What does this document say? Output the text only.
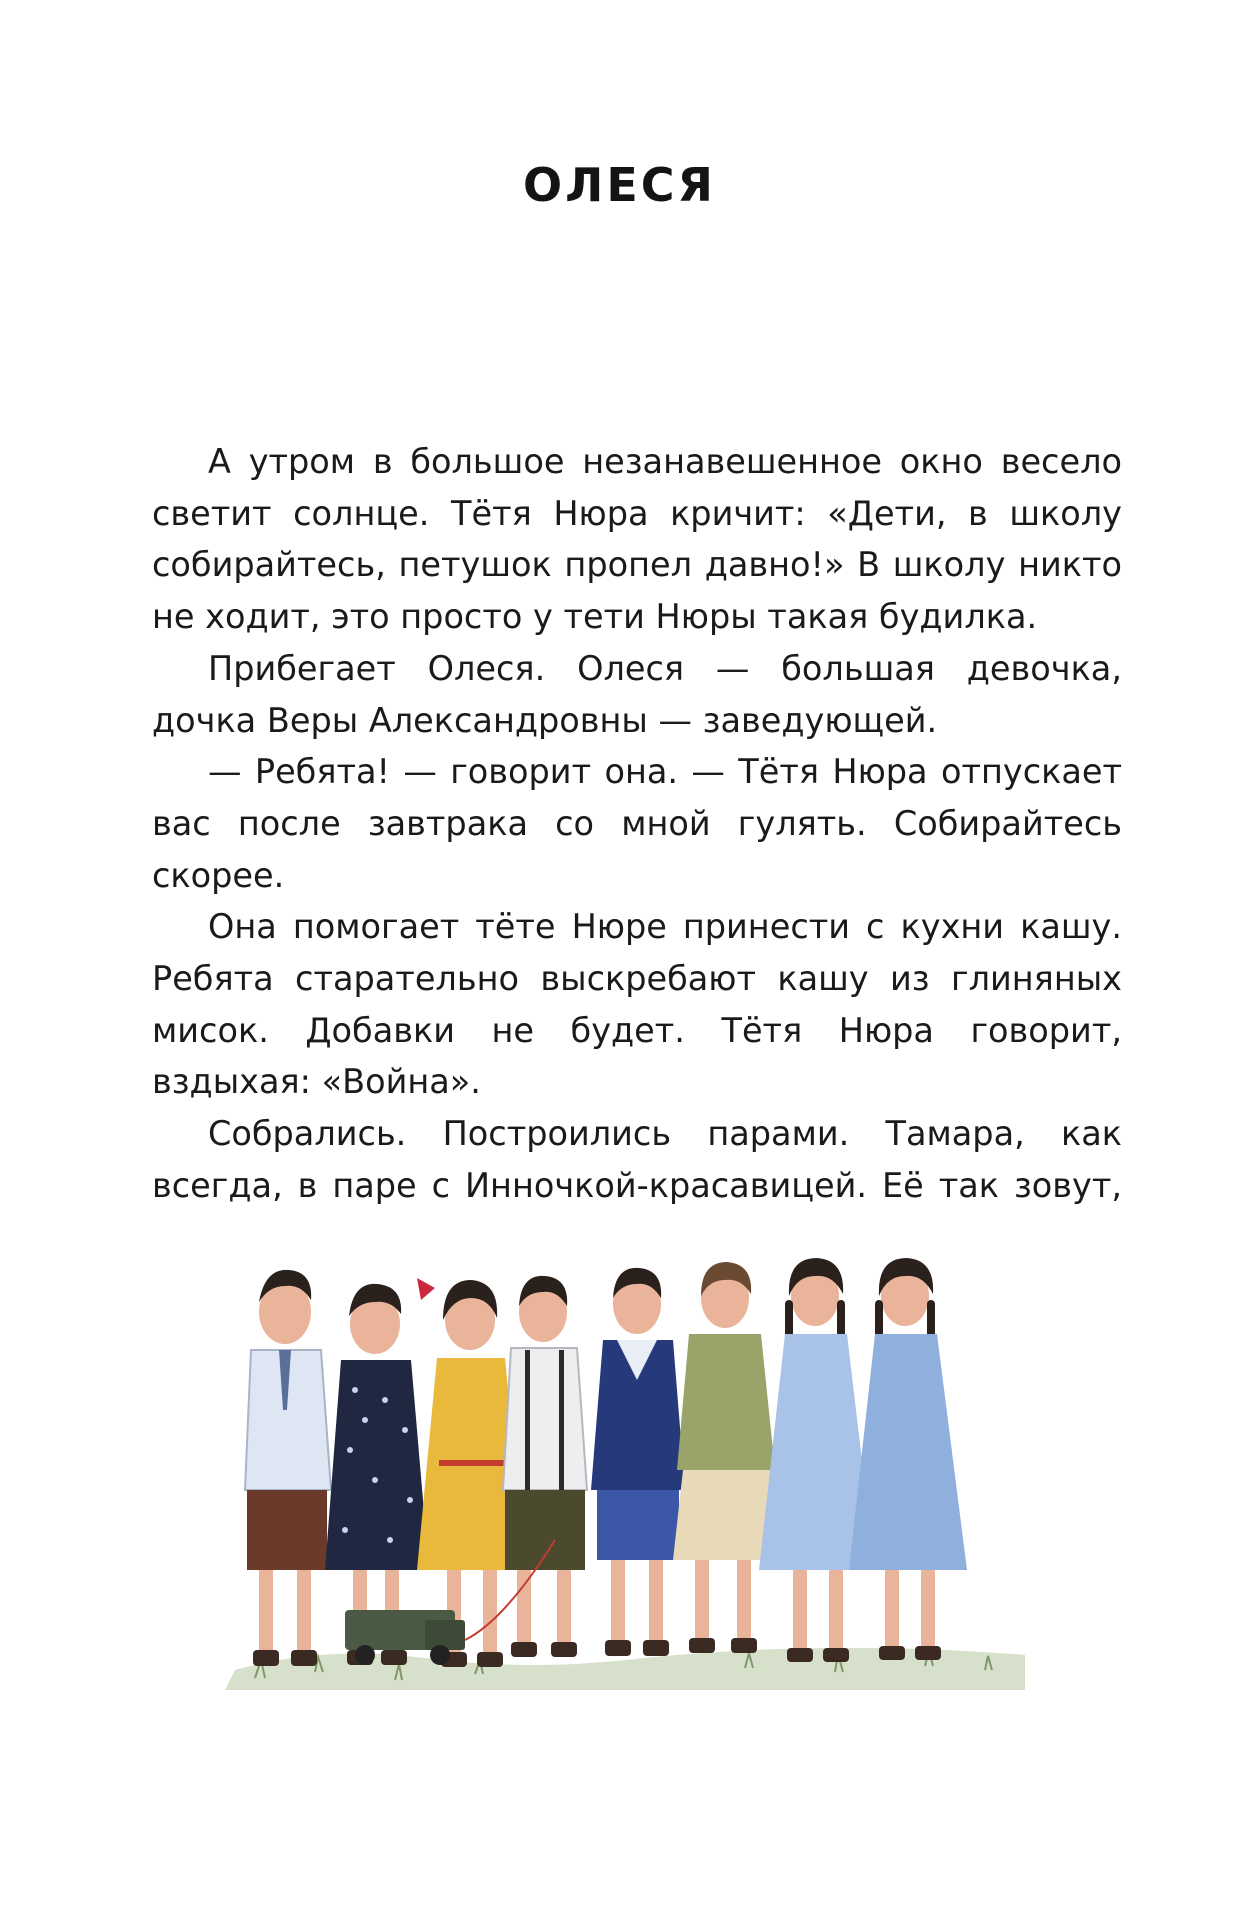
ОЛЕСЯ

А утром в большое незанавешенное окно весело светит солнце. Тётя Нюра кричит: «Дети, в школу собирайтесь, петушок пропел давно!» В школу никто не ходит, это просто у тети Нюры такая будилка.

Прибегает Олеся. Олеся — большая девочка, дочка Веры Александровны — заведующей.

— Ребята! — говорит она. — Тётя Нюра отпускает вас после завтрака со мной гулять. Собирайтесь скорее.

Она помогает тёте Нюре принести с кухни кашу. Ребята старательно выскребают кашу из глиняных мисок. Добавки не будет. Тётя Нюра говорит, вздыхая: «Война».

Собрались. Построились парами. Тамара, как всегда, в паре с Инночкой-красавицей. Её так зовут,
